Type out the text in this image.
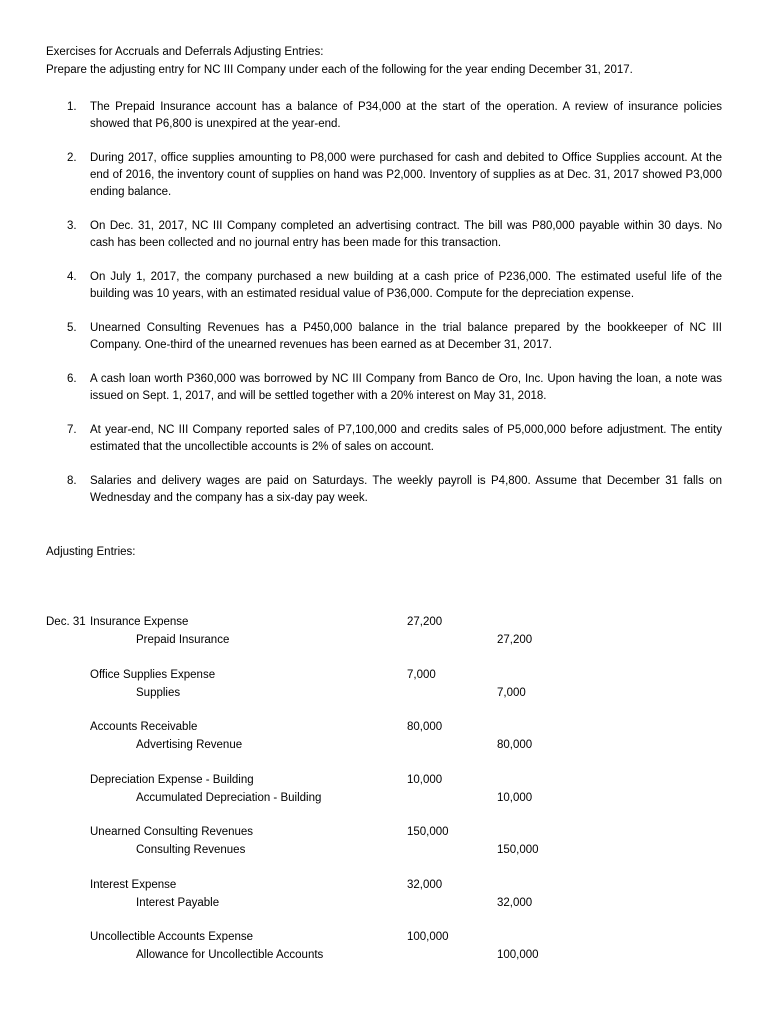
Exercises for Accruals and Deferrals Adjusting Entries:
Prepare the adjusting entry for NC III Company under each of the following for the year ending December 31, 2017.
1. The Prepaid Insurance account has a balance of P34,000 at the start of the operation. A review of insurance policies showed that P6,800 is unexpired at the year-end.
2. During 2017, office supplies amounting to P8,000 were purchased for cash and debited to Office Supplies account. At the end of 2016, the inventory count of supplies on hand was P2,000. Inventory of supplies as at Dec. 31, 2017 showed P3,000 ending balance.
3. On Dec. 31, 2017, NC III Company completed an advertising contract. The bill was P80,000 payable within 30 days. No cash has been collected and no journal entry has been made for this transaction.
4. On July 1, 2017, the company purchased a new building at a cash price of P236,000. The estimated useful life of the building was 10 years, with an estimated residual value of P36,000. Compute for the depreciation expense.
5. Unearned Consulting Revenues has a P450,000 balance in the trial balance prepared by the bookkeeper of NC III Company. One-third of the unearned revenues has been earned as at December 31, 2017.
6. A cash loan worth P360,000 was borrowed by NC III Company from Banco de Oro, Inc. Upon having the loan, a note was issued on Sept. 1, 2017, and will be settled together with a 20% interest on May 31, 2018.
7. At year-end, NC III Company reported sales of P7,100,000 and credits sales of P5,000,000 before adjustment. The entity estimated that the uncollectible accounts is 2% of sales on account.
8. Salaries and delivery wages are paid on Saturdays. The weekly payroll is P4,800. Assume that December 31 falls on Wednesday and the company has a six-day pay week.
Adjusting Entries:
Dec. 31 Insurance Expense	27,200
Prepaid Insurance	27,200
Office Supplies Expense	7,000
Supplies	7,000
Accounts Receivable	80,000
Advertising Revenue	80,000
Depreciation Expense - Building	10,000
Accumulated Depreciation - Building	10,000
Unearned Consulting Revenues	150,000
Consulting Revenues	150,000
Interest Expense	32,000
Interest Payable	32,000
Uncollectible Accounts Expense	100,000
Allowance for Uncollectible Accounts	100,000
